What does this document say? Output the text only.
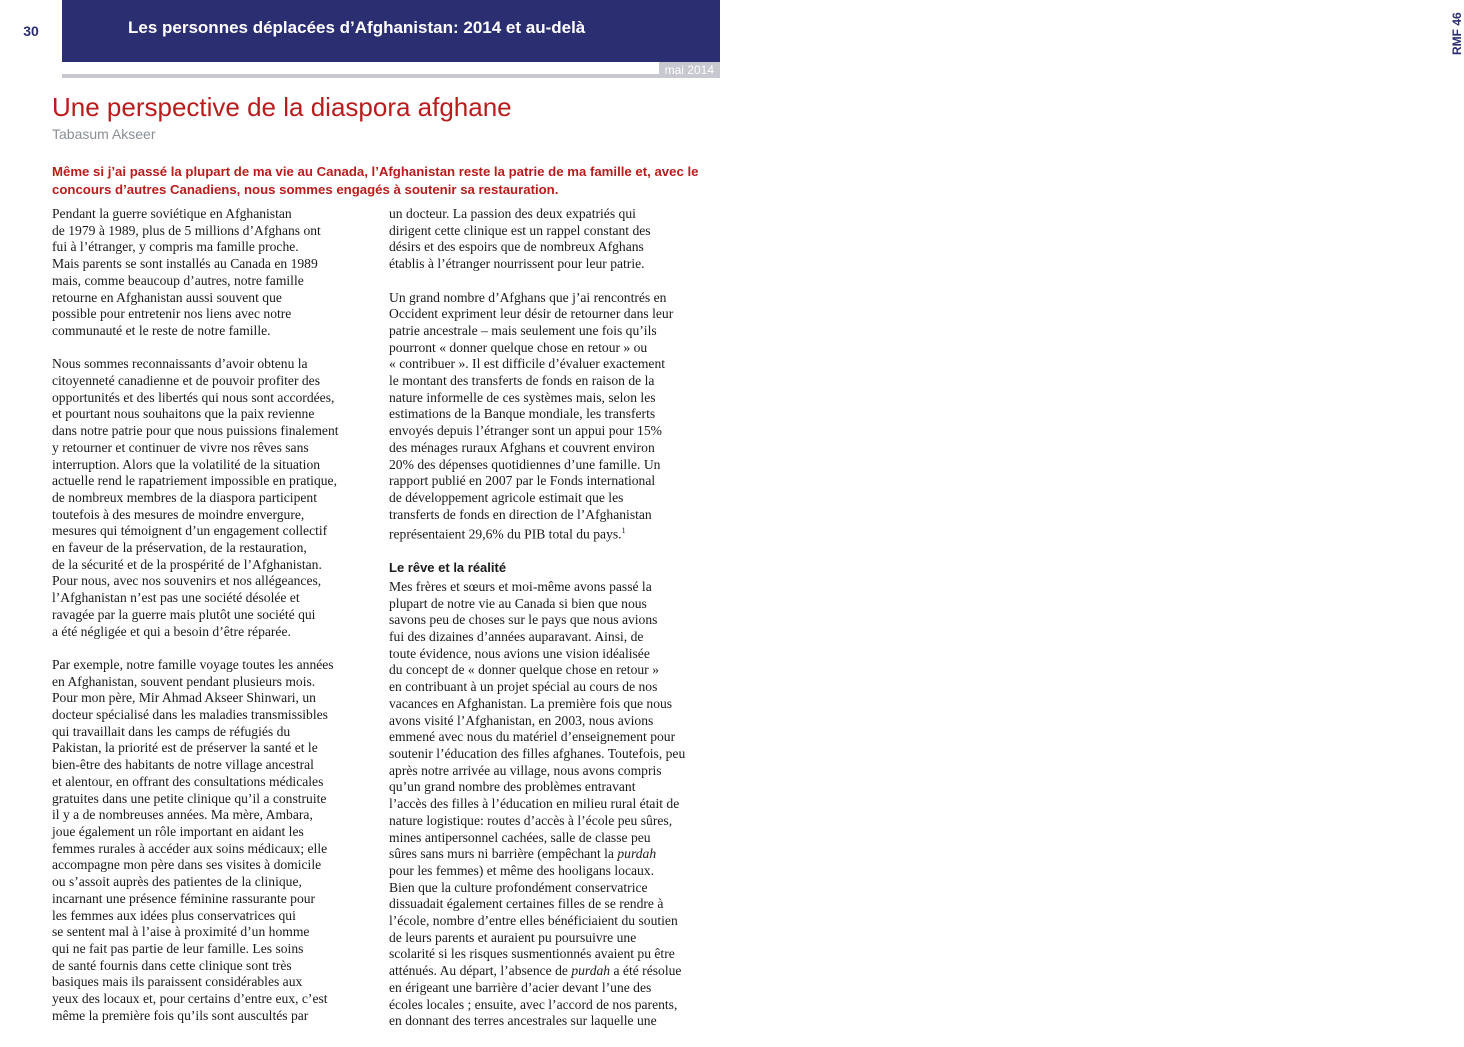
30	Les personnes déplacées d’Afghanistan: 2014 et au-delà	RMF 46
mai 2014
Une perspective de la diaspora afghane
Tabasum Akseer
Même si j’ai passé la plupart de ma vie au Canada, l’Afghanistan reste la patrie de ma famille et, avec le concours d’autres Canadiens, nous sommes engagés à soutenir sa restauration.

Pendant la guerre soviétique en Afghanistan
de 1979 à 1989, plus de 5 millions d’Afghans ont
fui à l’étranger, y compris ma famille proche.
Mais parents se sont installés au Canada en 1989
mais, comme beaucoup d’autres, notre famille
retourne en Afghanistan aussi souvent que
possible pour entretenir nos liens avec notre
communauté et le reste de notre famille.

Nous sommes reconnaissants d’avoir obtenu la
citoyenneté canadienne et de pouvoir profiter des
opportunités et des libertés qui nous sont accordées,
et pourtant nous souhaitons que la paix revienne
dans notre patrie pour que nous puissions finalement
y retourner et continuer de vivre nos rêves sans
interruption. Alors que la volatilité de la situation
actuelle rend le rapatriement impossible en pratique,
de nombreux membres de la diaspora participent
toutefois à des mesures de moindre envergure,
mesures qui témoignent d’un engagement collectif
en faveur de la préservation, de la restauration,
de la sécurité et de la prospérité de l’Afghanistan.
Pour nous, avec nos souvenirs et nos allégeances,
l’Afghanistan n’est pas une société désolée et
ravagée par la guerre mais plutôt une société qui
a été négligée et qui a besoin d’être réparée.

Par exemple, notre famille voyage toutes les années
en Afghanistan, souvent pendant plusieurs mois.
Pour mon père, Mir Ahmad Akseer Shinwari, un
docteur spécialisé dans les maladies transmissibles
qui travaillait dans les camps de réfugiés du
Pakistan, la priorité est de préserver la santé et le
bien-être des habitants de notre village ancestral
et alentour, en offrant des consultations médicales
gratuites dans une petite clinique qu’il a construite
il y a de nombreuses années. Ma mère, Ambara,
joue également un rôle important en aidant les
femmes rurales à accéder aux soins médicaux; elle
accompagne mon père dans ses visites à domicile
ou s’assoit auprès des patientes de la clinique,
incarnant une présence féminine rassurante pour
les femmes aux idées plus conservatrices qui
se sentent mal à l’aise à proximité d’un homme
qui ne fait pas partie de leur famille. Les soins
de santé fournis dans cette clinique sont très
basiques mais ils paraissent considérables aux
yeux des locaux et, pour certains d’entre eux, c’est
même la première fois qu’ils sont auscultés par

un docteur. La passion des deux expatriés qui
dirigent cette clinique est un rappel constant des
désirs et des espoirs que de nombreux Afghans
établis à l’étranger nourrissent pour leur patrie.

Un grand nombre d’Afghans que j’ai rencontrés en
Occident expriment leur désir de retourner dans leur
patrie ancestrale – mais seulement une fois qu’ils
pourront « donner quelque chose en retour » ou
« contribuer ». Il est difficile d’évaluer exactement
le montant des transferts de fonds en raison de la
nature informelle de ces systèmes mais, selon les
estimations de la Banque mondiale, les transferts
envoyés depuis l’étranger sont un appui pour 15%
des ménages ruraux Afghans et couvrent environ
20% des dépenses quotidiennes d’une famille. Un
rapport publié en 2007 par le Fonds international
de développement agricole estimait que les
transferts de fonds en direction de l’Afghanistan
représentaient 29,6% du PIB total du pays.$^1$

Le rêve et la réalité

Mes frères et sœurs et moi-même avons passé la
plupart de notre vie au Canada si bien que nous
savons peu de choses sur le pays que nous avions
fui des dizaines d’années auparavant. Ainsi, de
toute évidence, nous avions une vision idéalisée
du concept de « donner quelque chose en retour »
en contribuant à un projet spécial au cours de nos
vacances en Afghanistan. La première fois que nous
avons visité l’Afghanistan, en 2003, nous avions
emmené avec nous du matériel d’enseignement pour
soutenir l’éducation des filles afghanes. Toutefois, peu
après notre arrivée au village, nous avons compris
qu’un grand nombre des problèmes entravant
l’accès des filles à l’éducation en milieu rural était de
nature logistique: routes d’accès à l’école peu sûres,
mines antipersonnel cachées, salle de classe peu
sûres sans murs ni barrière (empêchant la purdah
pour les femmes) et même des hooligans locaux.
Bien que la culture profondément conservatrice
dissuadait également certaines filles de se rendre à
l’école, nombre d’entre elles bénéficiaient du soutien
de leurs parents et auraient pu poursuivre une
scolarité si les risques susmentionnés avaient pu être
atténués. Au départ, l’absence de purdah a été résolue
en érigeant une barrière d’acier devant l’une des
écoles locales ; ensuite, avec l’accord de nos parents,
en donnant des terres ancestrales sur laquelle une
